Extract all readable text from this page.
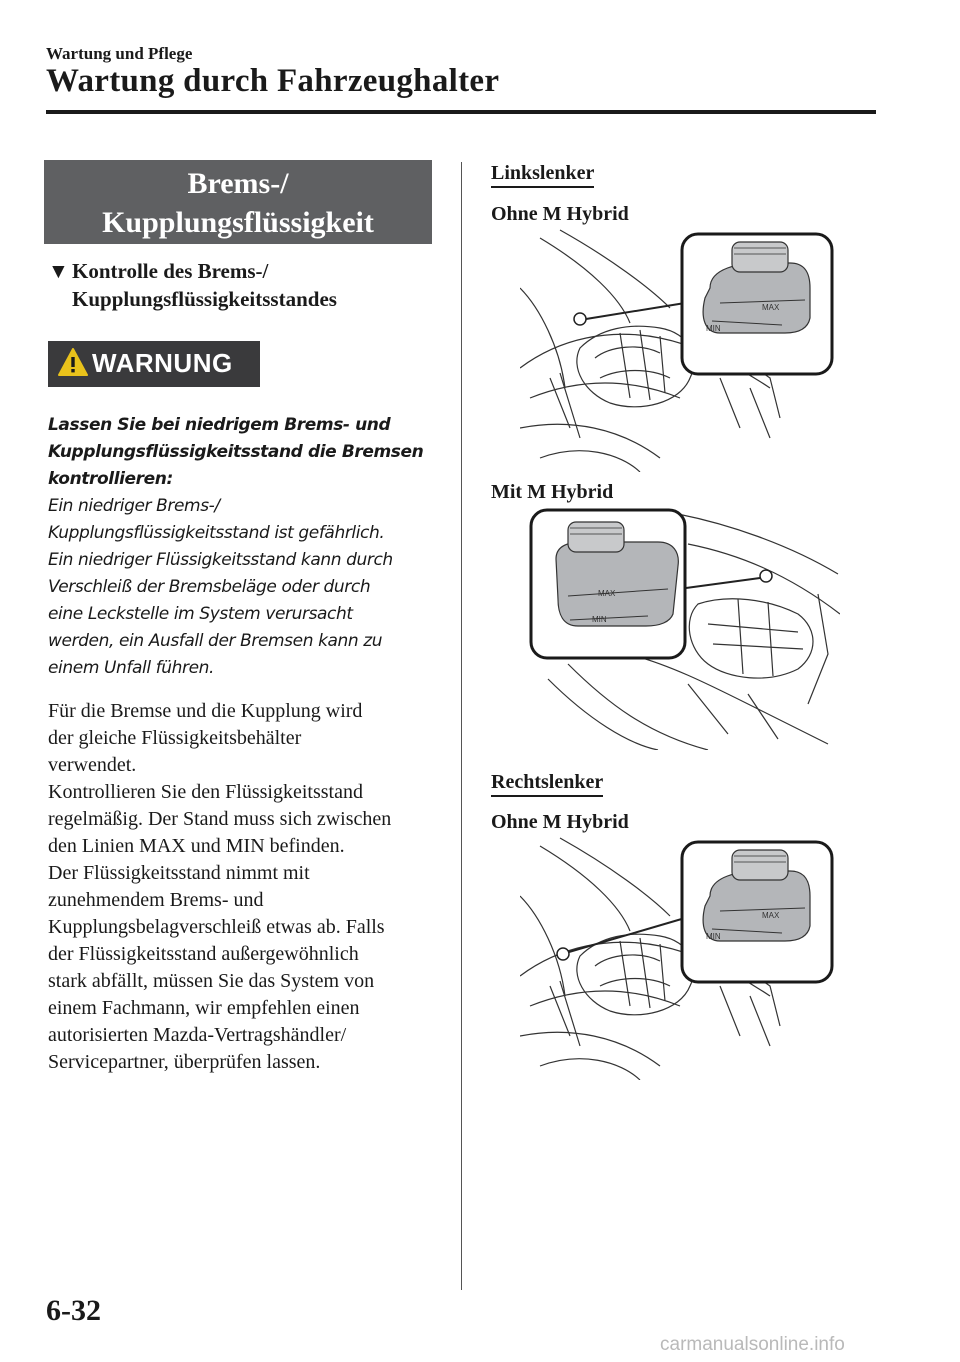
Wartung und Pflege
Wartung durch Fahrzeughalter
Brems-/
Kupplungsflüssigkeit
▼ Kontrolle des Brems-/
Kupplungsflüssigkeitsstandes
WARNUNG
Lassen Sie bei niedrigem Brems- und
Kupplungsflüssigkeitsstand die Bremsen
kontrollieren:
Ein niedriger Brems-/
Kupplungsflüssigkeitsstand ist gefährlich.
Ein niedriger Flüssigkeitsstand kann durch
Verschleiß der Bremsbeläge oder durch
eine Leckstelle im System verursacht
werden, ein Ausfall der Bremsen kann zu
einem Unfall führen.
Für die Bremse und die Kupplung wird
der gleiche Flüssigkeitsbehälter
verwendet.
Kontrollieren Sie den Flüssigkeitsstand
regelmäßig. Der Stand muss sich zwischen
den Linien MAX und MIN befinden.
Der Flüssigkeitsstand nimmt mit
zunehmendem Brems- und
Kupplungsbelagverschleiß etwas ab. Falls
der Flüssigkeitsstand außergewöhnlich
stark abfällt, müssen Sie das System von
einem Fachmann, wir empfehlen einen
autorisierten Mazda-Vertragshändler/
Servicepartner, überprüfen lassen.
Linkslenker
Ohne M Hybrid
Mit M Hybrid
Rechtslenker
Ohne M Hybrid
MAX
MIN
MAX
MIN
MAX
MIN
6-32
carmanualsonline.info
